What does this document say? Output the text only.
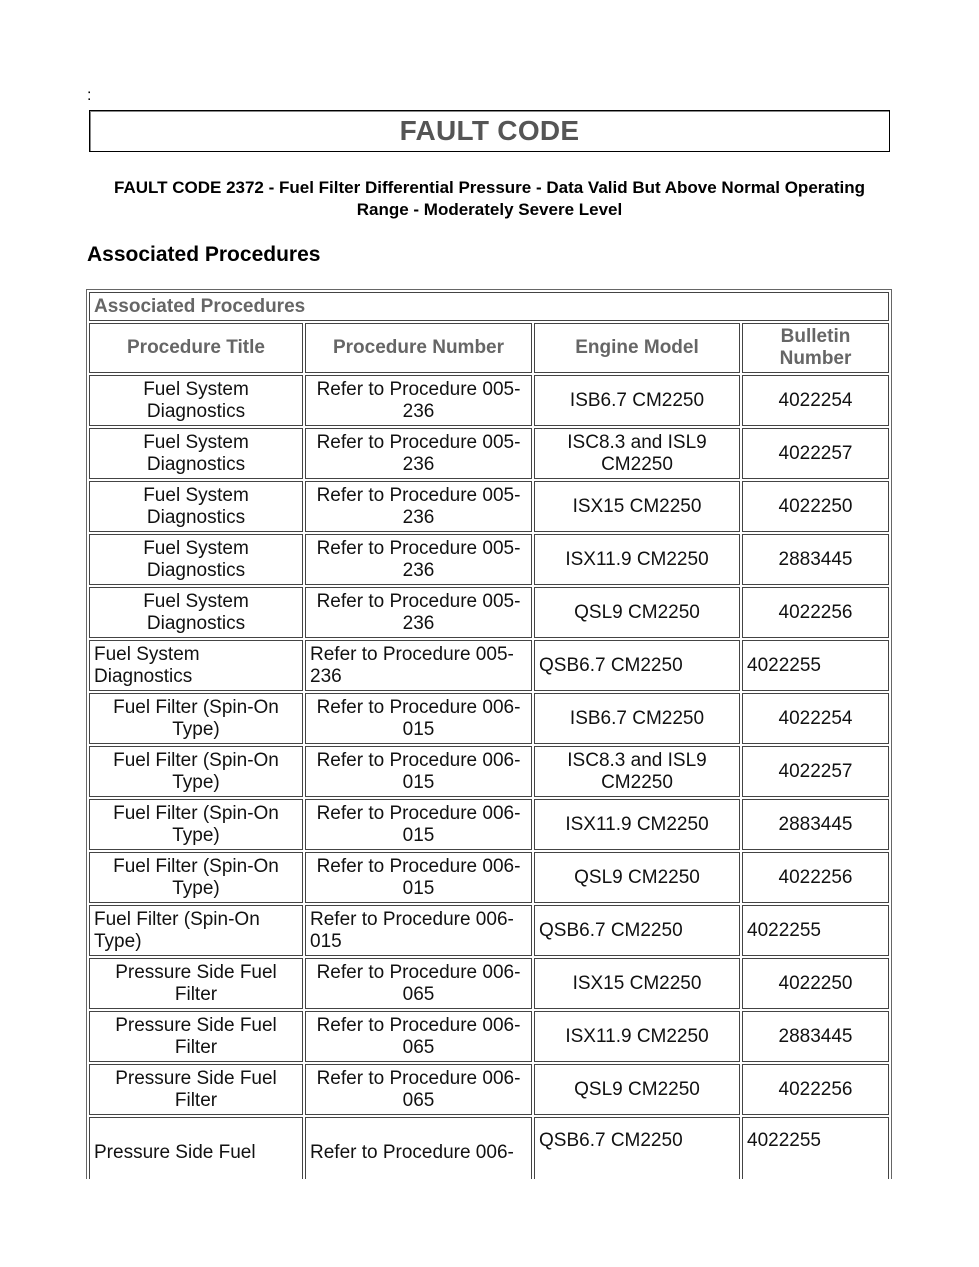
:
FAULT CODE
FAULT CODE 2372 - Fuel Filter Differential Pressure - Data Valid But Above Normal Operating Range - Moderately Severe Level
Associated Procedures
Associated Procedures			
Procedure Title	Procedure Number	Engine Model	Bulletin Number
Fuel System Diagnostics	Refer to Procedure 005-236	ISB6.7 CM2250	4022254
Fuel System Diagnostics	Refer to Procedure 005-236	ISC8.3 and ISL9 CM2250	4022257
Fuel System Diagnostics	Refer to Procedure 005-236	ISX15 CM2250	4022250
Fuel System Diagnostics	Refer to Procedure 005-236	ISX11.9 CM2250	2883445
Fuel System Diagnostics	Refer to Procedure 005-236	QSL9 CM2250	4022256
Fuel System Diagnostics	Refer to Procedure 005-236	QSB6.7 CM2250	4022255
Fuel Filter (Spin-On Type)	Refer to Procedure 006-015	ISB6.7 CM2250	4022254
Fuel Filter (Spin-On Type)	Refer to Procedure 006-015	ISC8.3 and ISL9 CM2250	4022257
Fuel Filter (Spin-On Type)	Refer to Procedure 006-015	ISX11.9 CM2250	2883445
Fuel Filter (Spin-On Type)	Refer to Procedure 006-015	QSL9 CM2250	4022256
Fuel Filter (Spin-On Type)	Refer to Procedure 006-015	QSB6.7 CM2250	4022255
Pressure Side Fuel Filter	Refer to Procedure 006-065	ISX15 CM2250	4022250
Pressure Side Fuel Filter	Refer to Procedure 006-065	ISX11.9 CM2250	2883445
Pressure Side Fuel Filter	Refer to Procedure 006-065	QSL9 CM2250	4022256
Pressure Side Fuel	Refer to Procedure 006-	QSB6.7 CM2250	4022255
